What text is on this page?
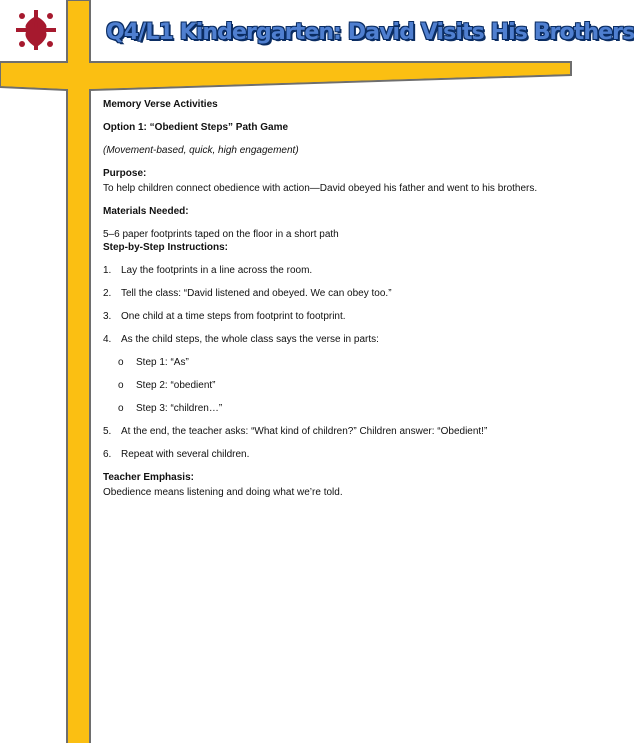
Q4/L1 Kindergarten: David Visits His Brothers
Memory Verse Activities
Option 1: “Obedient Steps” Path Game
(Movement-based, quick, high engagement)
Purpose:

To help children connect obedience with action—David obeyed his father and went to his brothers.

Materials Needed:

5–6 paper footprints taped on the floor in a short path

Step-by-Step Instructions:
1. Lay the footprints in a line across the room.
2. Tell the class: “David listened and obeyed. We can obey too.”
3. One child at a time steps from footprint to footprint.
4. As the child steps, the whole class says the verse in parts:
o Step 1: “As”
o Step 2: “obedient”
o Step 3: “children…”
5. At the end, the teacher asks: “What kind of children?” Children answer: “Obedient!”
6. Repeat with several children.
Teacher Emphasis:

Obedience means listening and doing what we’re told.
